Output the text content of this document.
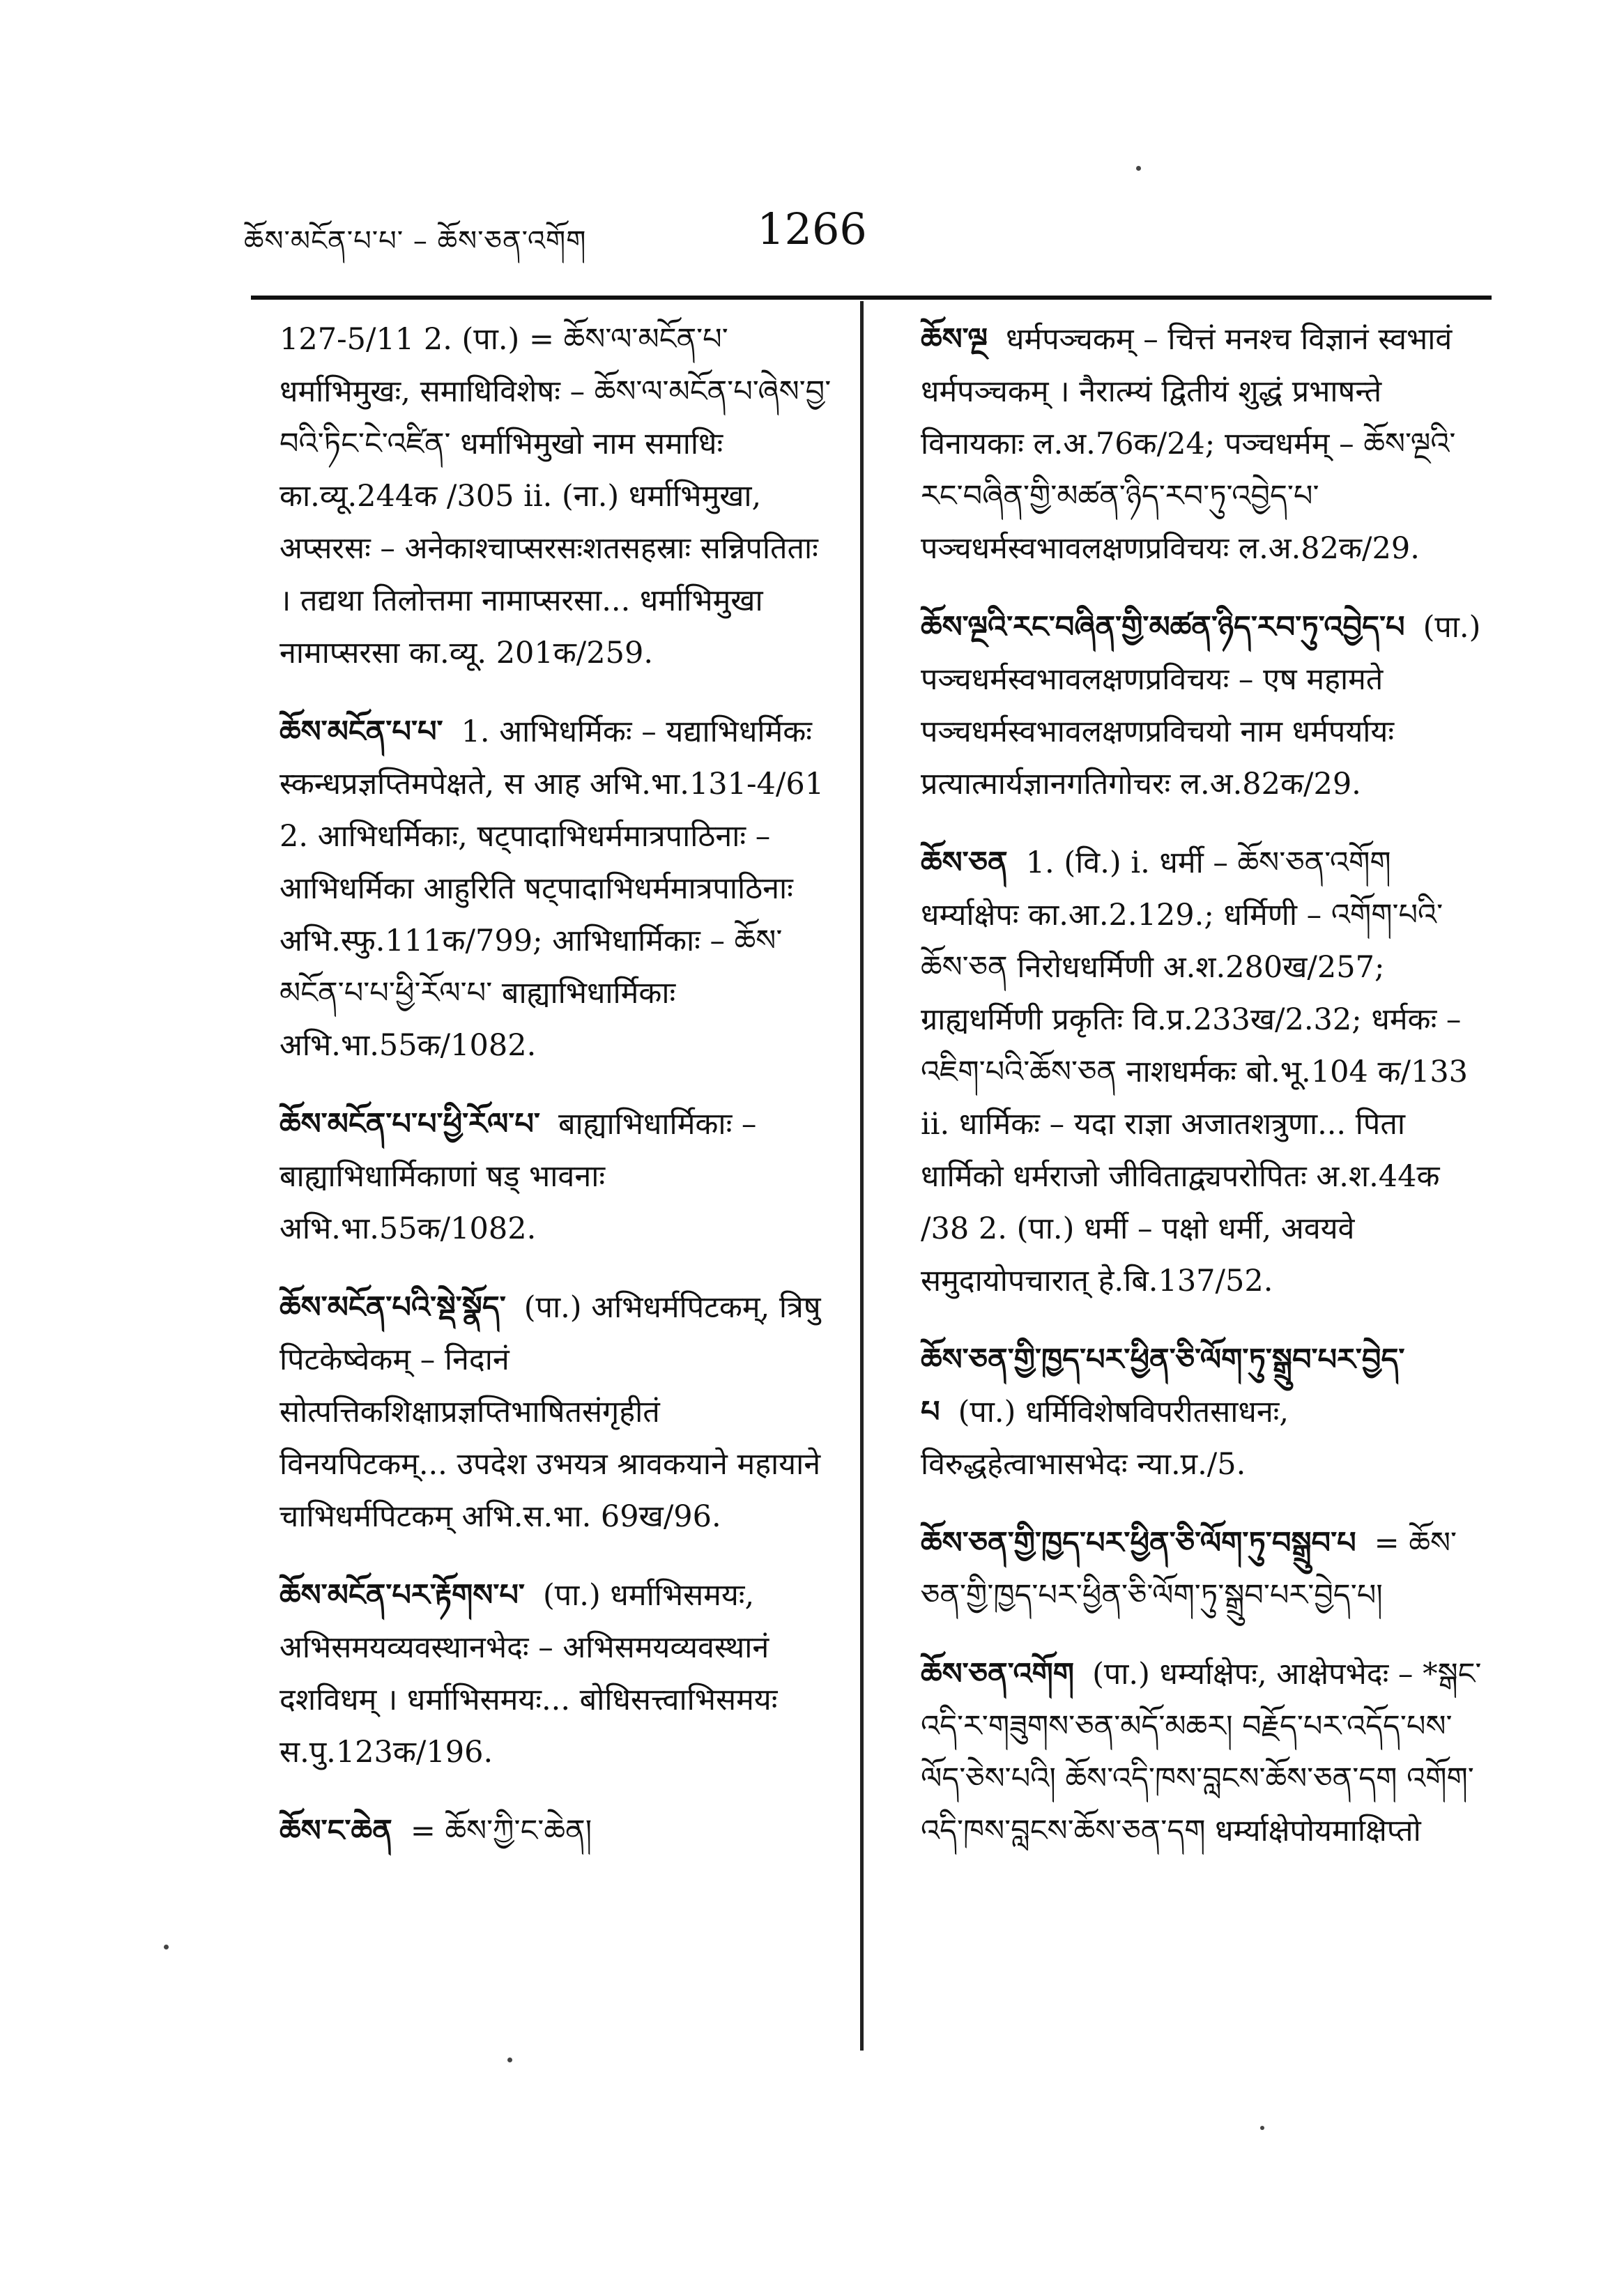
ཆོས་མངོན་པ་པ་ – ཆོས་ཅན་འགོག	1266

127-5/11 2. (पा.) = ཆོས་ལ་མངོན་པ་ धर्माभिमुखः, समाधिविशेषः – ཆོས་ལ་མངོན་པ་ཞེས་བྱ་བའི་ཏིང་ངེ་འཛིན་ धर्माभिमुखो नाम समाधिः का.व्यू.244क /305 ii. (ना.) धर्माभिमुखा, अप्सरसः – अनेकाश्चाप्सरसःशतसहस्राः सन्निपतिताः । तद्यथा तिलोत्तमा नामाप्सरसा... धर्माभिमुखा नामाप्सरसा का.व्यू. 201क/259.

ཆོས་མངོན་པ་པ་ 1. आभिधर्मिकः – यद्याभिधर्मिकः स्कन्धप्रज्ञप्तिमपेक्षते, स आह अभि.भा.131-4/61 2. आभिधर्मिकाः, षट्पादाभिधर्ममात्रपाठिनाः – आभिधर्मिका आहुरिति षट्पादाभिधर्ममात्रपाठिनाः अभि.स्फु.111क/799; आभिधार्मिकाः – ཆོས་མངོན་པ་པ་ཕྱི་རོལ་པ་ बाह्याभिधार्मिकाः अभि.भा.55क/1082.

ཆོས་མངོན་པ་པ་ཕྱི་རོལ་པ་ बाह्याभिधार्मिकाः – बाह्याभिधार्मिकाणां षड् भावनाः अभि.भा.55क/1082.

ཆོས་མངོན་པའི་སྡེ་སྣོད་ (पा.) अभिधर्मपिटकम्, त्रिषु पिटकेष्वेकम् – निदानं सोत्पत्तिकशिक्षाप्रज्ञप्तिभाषितसंगृहीतं विनयपिटकम्... उपदेश उभयत्र श्रावकयाने महायाने चाभिधर्मपिटकम् अभि.स.भा. 69ख/96.

ཆོས་མངོན་པར་རྟོགས་པ་ (पा.) धर्माभिसमयः, अभिसमयव्यवस्थानभेदः – अभिसमयव्यवस्थानं दशविधम् । धर्माभिसमयः... बोधिसत्त्वाभिसमयः स.पु.123क/196.

ཆོས་ང་ཆེན = ཆོས་ཀྱི་ང་ཆེན།

ཆོས་ལྔ धर्मपञ्चकम् – चित्तं मनश्च विज्ञानं स्वभावं धर्मपञ्चकम् । नैरात्म्यं द्वितीयं शुद्धं प्रभाषन्ते विनायकाः ल.अ.76क/24; पञ्चधर्मम् – ཆོས་ལྔའི་རང་བཞིན་གྱི་མཚན་ཉིད་རབ་ཏུ་འབྱེད་པ་ पञ्चधर्मस्वभावलक्षणप्रविचयः ल.अ.82क/29.

ཆོས་ལྔའི་རང་བཞིན་གྱི་མཚན་ཉིད་རབ་ཏུ་འབྱེད་པ (पा.) पञ्चधर्मस्वभावलक्षणप्रविचयः – एष महामते पञ्चधर्मस्वभावलक्षणप्रविचयो नाम धर्मपर्यायः प्रत्यात्मार्यज्ञानगतिगोचरः ल.अ.82क/29.

ཆོས་ཅན 1. (वि.) i. धर्मी – ཆོས་ཅན་འགོག धर्म्याक्षेपः का.आ.2.129.; धर्मिणी – འགོག་པའི་ཆོས་ཅན निरोधधर्मिणी अ.श.280ख/257; ग्राह्यधर्मिणी प्रकृतिः वि.प्र.233ख/2.32; धर्मकः – འཇིག་པའི་ཆོས་ཅན नाशधर्मकः बो.भू.104 क/133 ii. धार्मिकः – यदा राज्ञा अजातशत्रुणा... पिता धार्मिको धर्मराजो जीविताद्व्यपरोपितः अ.श.44क /38 2. (पा.) धर्मी – पक्षो धर्मी, अवयवे समुदायोपचारात् हे.बि.137/52.

ཆོས་ཅན་གྱི་ཁྱད་པར་ཕྱིན་ཅི་ལོག་ཏུ་སྒྲུབ་པར་བྱེད་པ (पा.) धर्मिविशेषविपरीतसाधनः, विरुद्धहेत्वाभासभेदः न्या.प्र./5.

ཆོས་ཅན་གྱི་ཁྱད་པར་ཕྱིན་ཅི་ལོག་ཏུ་བསྒྲུབ་པ = ཆོས་ཅན་གྱི་ཁྱད་པར་ཕྱིན་ཅི་ལོག་ཏུ་སྒྲུབ་པར་བྱེད་པ།

ཆོས་ཅན་འགོག (पा.) धर्म्याक्षेपः, आक्षेपभेदः – *སྒང་འདི་ར་གཟུགས་ཅན་མདོ་མཆར། བརྗོད་པར་འདོད་པས་ལོད་ཅེས་པའི། ཆོས་འདི་ཁས་བླངས་ཆོས་ཅན་དག འགོག་འདི་ཁས་བླངས་ཆོས་ཅན་དག धर्म्याक्षेपोयमाक्षिप्तो
